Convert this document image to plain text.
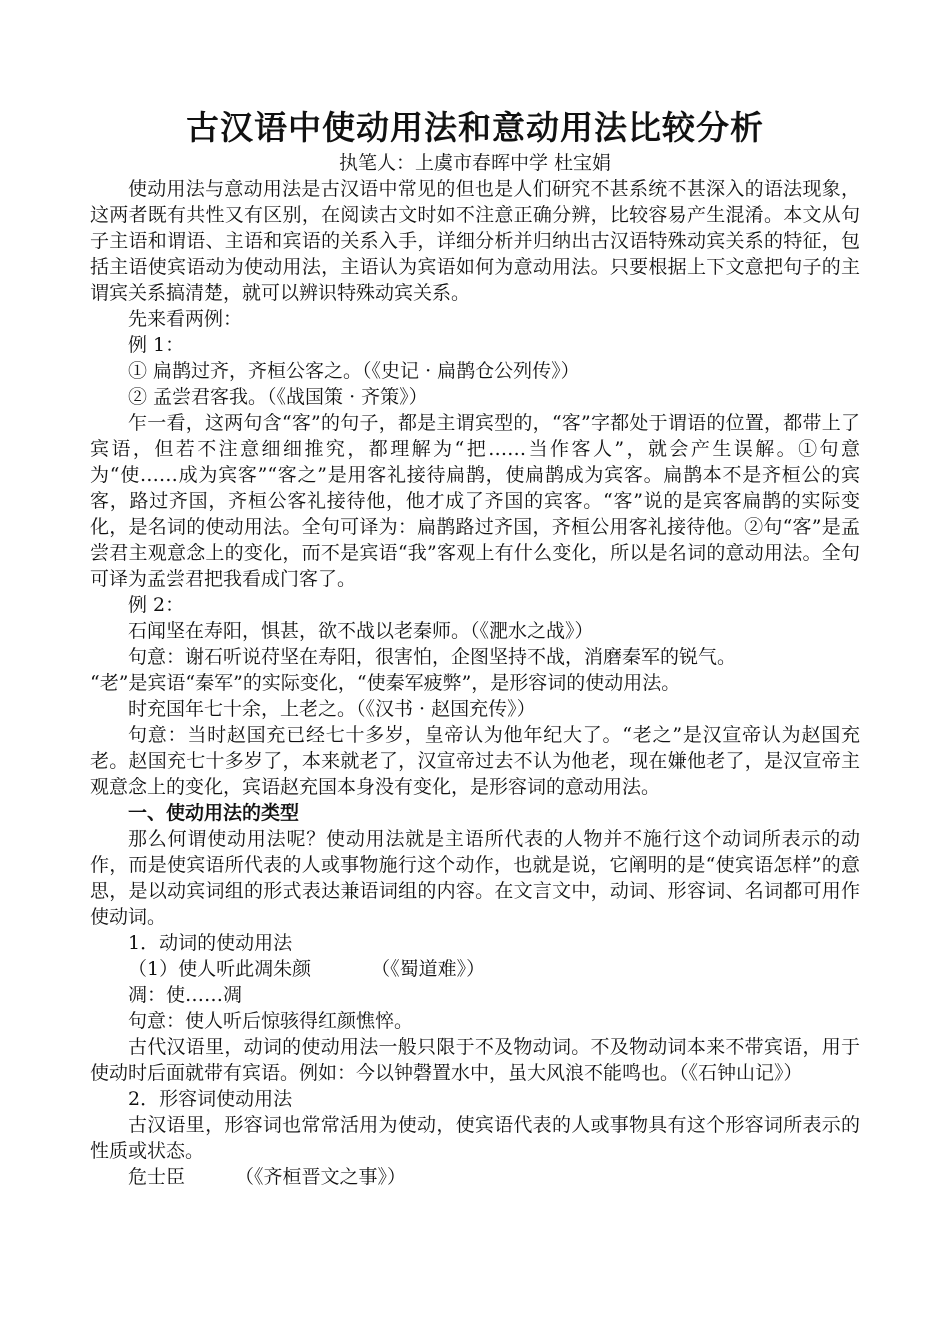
古汉语中使动用法和意动用法比较分析

执笔人：上虞市春晖中学 杜宝娟

使动用法与意动用法是古汉语中常见的但也是人们研究不甚系统不甚深入的语法现象，这两者既有共性又有区别，在阅读古文时如不注意正确分辨，比较容易产生混淆。本文从句子主语和谓语、主语和宾语的关系入手，详细分析并归纳出古汉语特殊动宾关系的特征，包括主语使宾语动为使动用法，主语认为宾语如何为意动用法。只要根据上下文意把句子的主谓宾关系搞清楚，就可以辨识特殊动宾关系。

先来看两例：

例 1：

① 扁鹊过齐，齐桓公客之。（《史记 · 扁鹊仓公列传》）

② 孟尝君客我。（《战国策 · 齐策》）

乍一看，这两句含“客”的句子，都是主谓宾型的，“客”字都处于谓语的位置，都带上了宾语，但若不注意细细推究，都理解为“把……当作客人”，就会产生误解。①句意为“使……成为宾客”“客之”是用客礼接待扁鹊，使扁鹊成为宾客。扁鹊本不是齐桓公的宾客，路过齐国，齐桓公客礼接待他，他才成了齐国的宾客。“客”说的是宾客扁鹊的实际变化，是名词的使动用法。全句可译为：扁鹊路过齐国，齐桓公用客礼接待他。②句“客”是孟尝君主观意念上的变化，而不是宾语“我”客观上有什么变化，所以是名词的意动用法。全句可译为孟尝君把我看成门客了。

例 2：

石闻坚在寿阳，惧甚，欲不战以老秦师。（《淝水之战》）

句意：谢石听说苻坚在寿阳，很害怕，企图坚持不战，消磨秦军的锐气。

“老”是宾语“秦军”的实际变化，“使秦军疲弊”，是形容词的使动用法。

时充国年七十余，上老之。（《汉书 · 赵国充传》）

句意：当时赵国充已经七十多岁，皇帝认为他年纪大了。“老之”是汉宣帝认为赵国充老。赵国充七十多岁了，本来就老了，汉宣帝过去不认为他老，现在嫌他老了，是汉宣帝主观意念上的变化，宾语赵充国本身没有变化，是形容词的意动用法。

一、使动用法的类型

那么何谓使动用法呢？使动用法就是主语所代表的人物并不施行这个动词所表示的动作，而是使宾语所代表的人或事物施行这个动作，也就是说，它阐明的是“使宾语怎样”的意思，是以动宾词组的形式表达兼语词组的内容。在文言文中，动词、形容词、名词都可用作使动词。

1．动词的使动用法

（1）使人听此凋朱颜	（《蜀道难》）

凋：使……凋

句意：使人听后惊骇得红颜憔悴。

古代汉语里，动词的使动用法一般只限于不及物动词。不及物动词本来不带宾语，用于使动时后面就带有宾语。例如：今以钟磬置水中，虽大风浪不能鸣也。（《石钟山记》）

2．形容词使动用法

古汉语里，形容词也常常活用为使动，使宾语代表的人或事物具有这个形容词所表示的性质或状态。

危士臣	（《齐桓晋文之事》）
